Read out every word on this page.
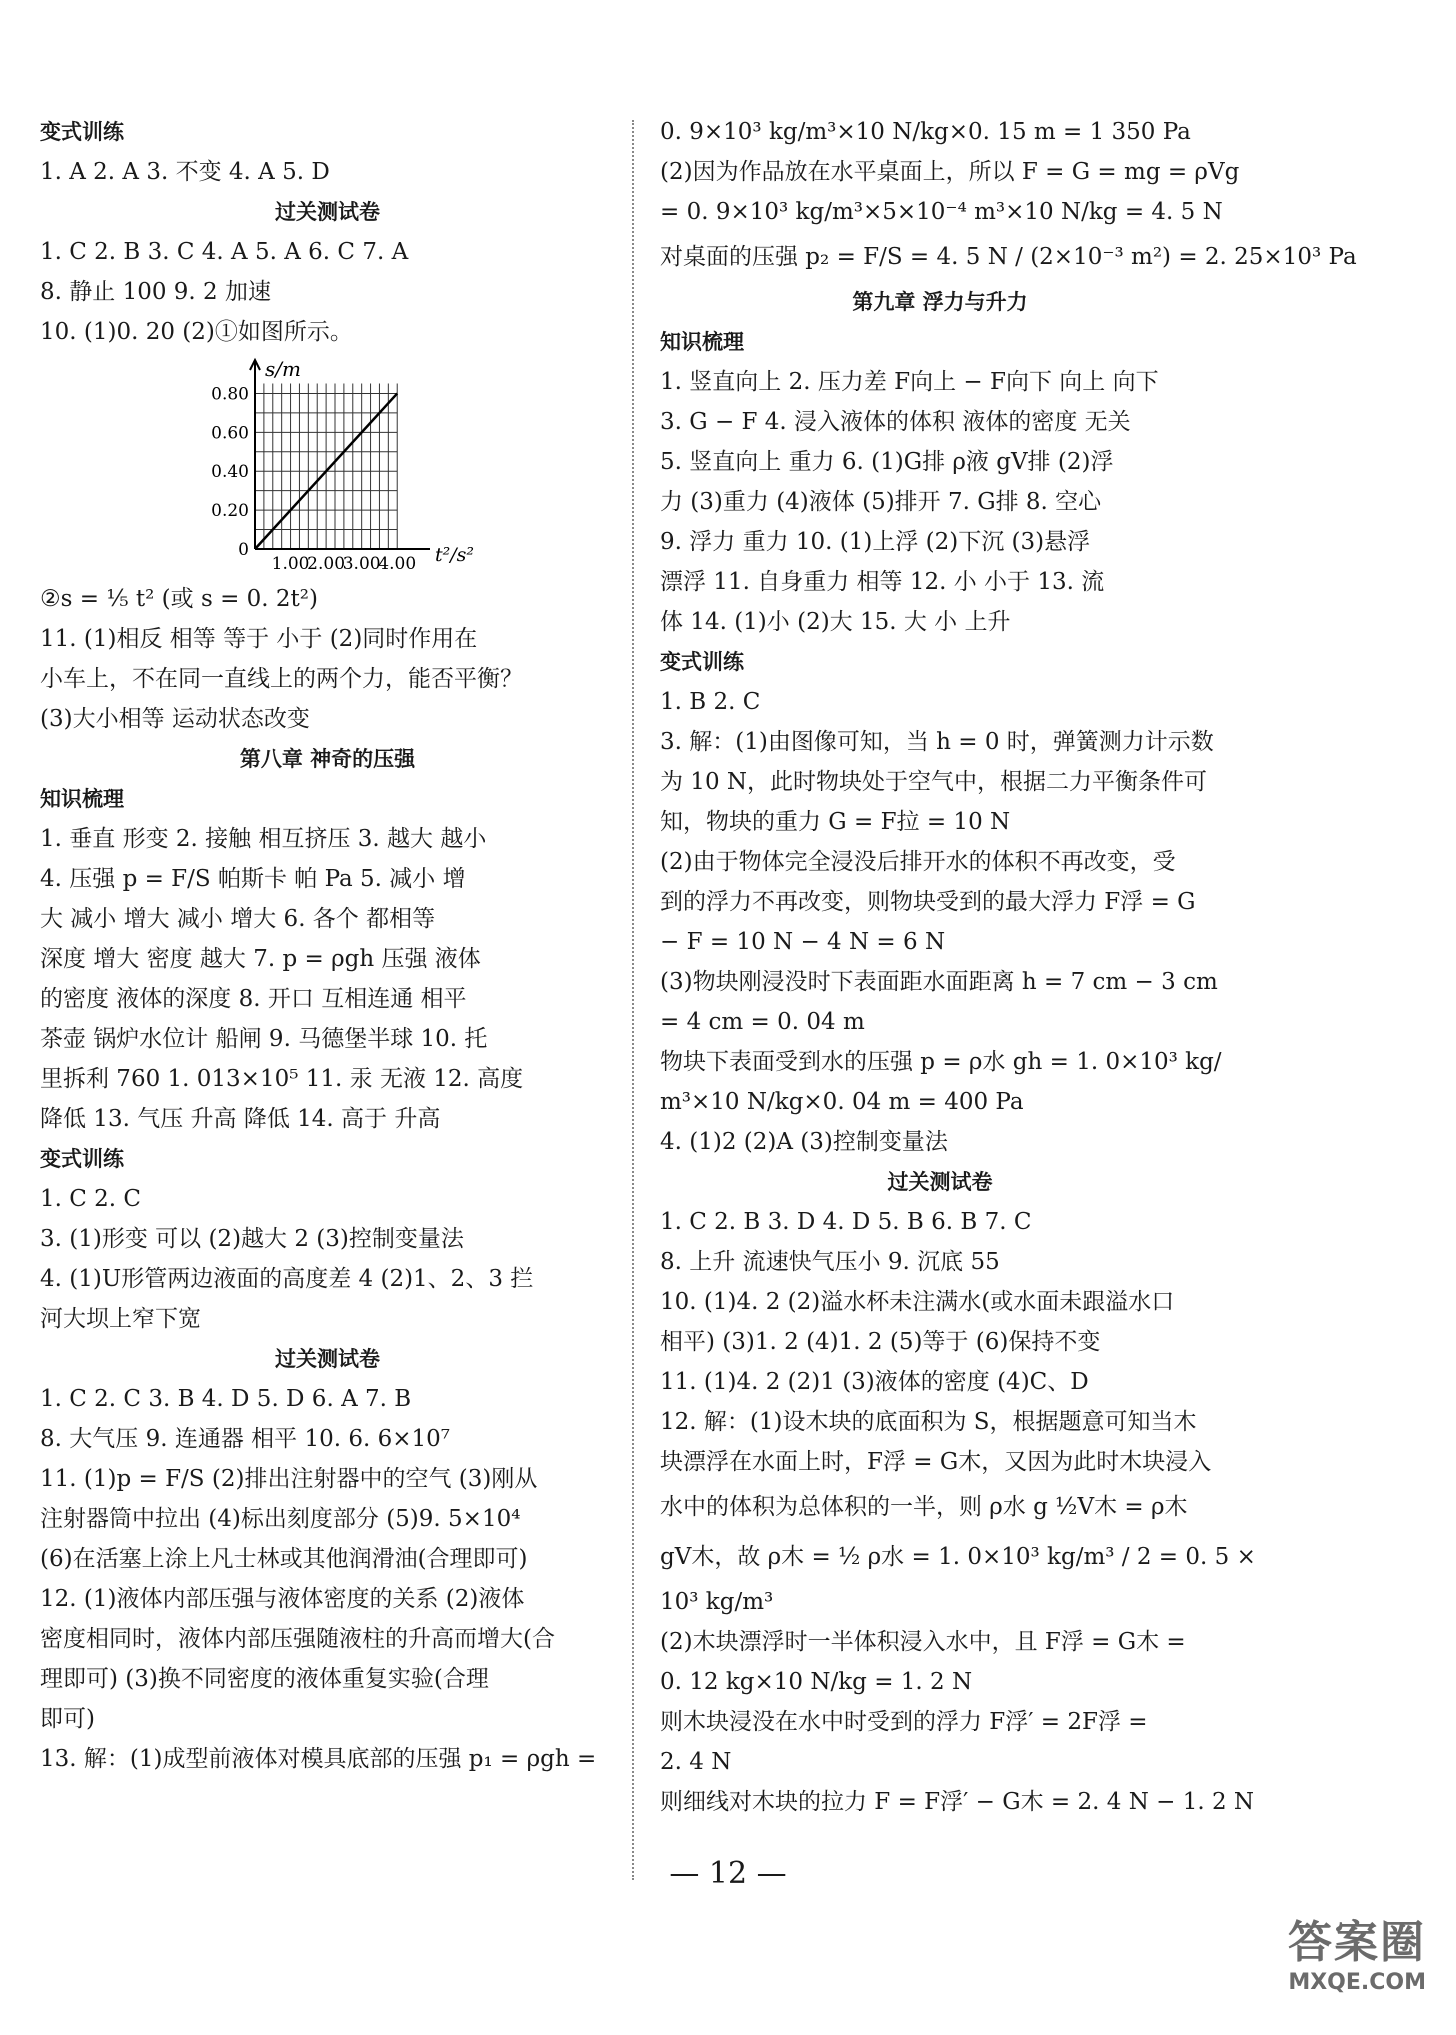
变式训练
1. A 2. A 3. 不变 4. A 5. D
过关测试卷
1. C 2. B 3. C 4. A 5. A 6. C 7. A
8. 静止 100 9. 2 加速
10. (1)0. 20 (2)①如图所示。
0.80
0.60
0.40
0.20
0
1.00
2.00
3.00
4.00
s/m
t²/s²
②s = ¹⁄₅ t² (或 s = 0. 2t²)
11. (1)相反 相等 等于 小于 (2)同时作用在
小车上，不在同一直线上的两个力，能否平衡？
(3)大小相等 运动状态改变
第八章 神奇的压强
知识梳理
1. 垂直 形变 2. 接触 相互挤压 3. 越大 越小
4. 压强 p = F/S 帕斯卡 帕 Pa 5. 减小 增
大 减小 增大 减小 增大 6. 各个 都相等
深度 增大 密度 越大 7. p = ρgh 压强 液体
的密度 液体的深度 8. 开口 互相连通 相平
茶壶 锅炉水位计 船闸 9. 马德堡半球 10. 托
里拆利 760 1. 013×10⁵ 11. 汞 无液 12. 高度
降低 13. 气压 升高 降低 14. 高于 升高
变式训练
1. C 2. C
3. (1)形变 可以 (2)越大 2 (3)控制变量法
4. (1)U形管两边液面的高度差 4 (2)1、2、3 拦
河大坝上窄下宽
过关测试卷
1. C 2. C 3. B 4. D 5. D 6. A 7. B
8. 大气压 9. 连通器 相平 10. 6. 6×10⁷
11. (1)p = F/S (2)排出注射器中的空气 (3)刚从
注射器筒中拉出 (4)标出刻度部分 (5)9. 5×10⁴
(6)在活塞上涂上凡士林或其他润滑油(合理即可)
12. (1)液体内部压强与液体密度的关系 (2)液体
密度相同时，液体内部压强随液柱的升高而增大(合
理即可) (3)换不同密度的液体重复实验(合理
即可)
13. 解：(1)成型前液体对模具底部的压强 p₁ = ρgh =
0. 9×10³ kg/m³×10 N/kg×0. 15 m = 1 350 Pa
(2)因为作品放在水平桌面上，所以 F = G = mg = ρVg
= 0. 9×10³ kg/m³×5×10⁻⁴ m³×10 N/kg = 4. 5 N
对桌面的压强 p₂ = F/S = 4. 5 N / (2×10⁻³ m²) = 2. 25×10³ Pa
第九章 浮力与升力
知识梳理
1. 竖直向上 2. 压力差 F向上 − F向下 向上 向下
3. G − F 4. 浸入液体的体积 液体的密度 无关
5. 竖直向上 重力 6. (1)G排 ρ液 gV排 (2)浮
力 (3)重力 (4)液体 (5)排开 7. G排 8. 空心
9. 浮力 重力 10. (1)上浮 (2)下沉 (3)悬浮
漂浮 11. 自身重力 相等 12. 小 小于 13. 流
体 14. (1)小 (2)大 15. 大 小 上升
变式训练
1. B 2. C
3. 解：(1)由图像可知，当 h = 0 时，弹簧测力计示数
为 10 N，此时物块处于空气中，根据二力平衡条件可
知，物块的重力 G = F拉 = 10 N
(2)由于物体完全浸没后排开水的体积不再改变，受
到的浮力不再改变，则物块受到的最大浮力 F浮 = G
− F = 10 N − 4 N = 6 N
(3)物块刚浸没时下表面距水面距离 h = 7 cm − 3 cm
= 4 cm = 0. 04 m
物块下表面受到水的压强 p = ρ水 gh = 1. 0×10³ kg/
m³×10 N/kg×0. 04 m = 400 Pa
4. (1)2 (2)A (3)控制变量法
过关测试卷
1. C 2. B 3. D 4. D 5. B 6. B 7. C
8. 上升 流速快气压小 9. 沉底 55
10. (1)4. 2 (2)溢水杯未注满水(或水面未跟溢水口
相平) (3)1. 2 (4)1. 2 (5)等于 (6)保持不变
11. (1)4. 2 (2)1 (3)液体的密度 (4)C、D
12. 解：(1)设木块的底面积为 S，根据题意可知当木
块漂浮在水面上时，F浮 = G木，又因为此时木块浸入
水中的体积为总体积的一半，则 ρ水 g ½V木 = ρ木
gV木，故 ρ木 = ½ ρ水 = 1. 0×10³ kg/m³ / 2 = 0. 5 ×
10³ kg/m³
(2)木块漂浮时一半体积浸入水中，且 F浮 = G木 =
0. 12 kg×10 N/kg = 1. 2 N
则木块浸没在水中时受到的浮力 F浮′ = 2F浮 =
2. 4 N
则细线对木块的拉力 F = F浮′ − G木 = 2. 4 N − 1. 2 N
— 12 —
答案圈
MXQE.COM
